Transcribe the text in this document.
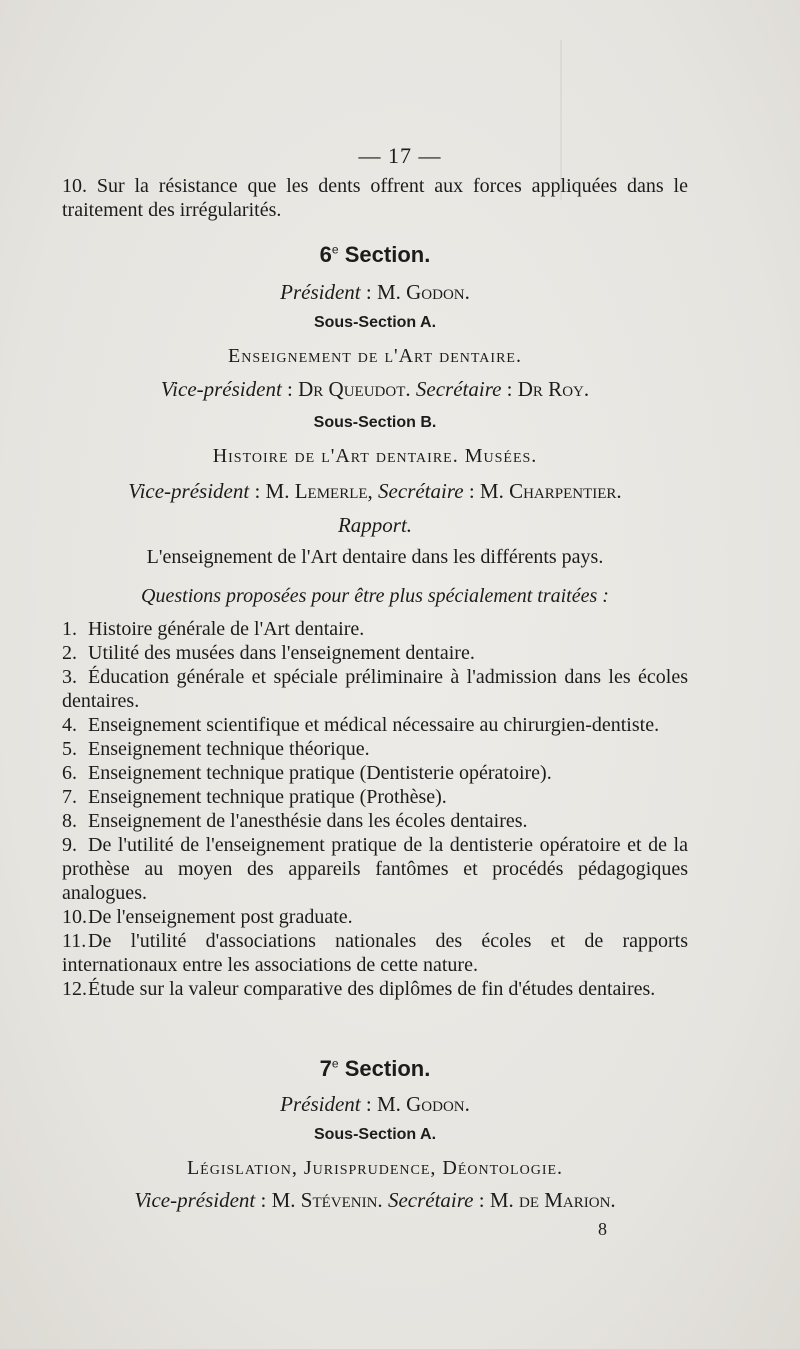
— 17 —

10. Sur la résistance que les dents offrent aux forces appliquées dans le traitement des irrégularités.

6e Section.
Président : M. Godon.
Sous-Section A.
Enseignement de l'Art dentaire.
Vice-président : Dr Queudot. Secrétaire : Dr Roy.
Sous-Section B.
Histoire de l'Art dentaire. Musées.
Vice-président : M. Lemerle, Secrétaire : M. Charpentier.
Rapport.
L'enseignement de l'Art dentaire dans les différents pays.
Questions proposées pour être plus spécialement traitées :

1. Histoire générale de l'Art dentaire.

2. Utilité des musées dans l'enseignement dentaire.

3. Éducation générale et spéciale préliminaire à l'admission dans les écoles dentaires.

4. Enseignement scientifique et médical nécessaire au chirurgien-dentiste.

5. Enseignement technique théorique.

6. Enseignement technique pratique (Dentisterie opératoire).

7. Enseignement technique pratique (Prothèse).

8. Enseignement de l'anesthésie dans les écoles dentaires.

9. De l'utilité de l'enseignement pratique de la dentisterie opératoire et de la prothèse au moyen des appareils fantômes et procédés pédagogiques analogues.

10.De l'enseignement post graduate.

11.De l'utilité d'associations nationales des écoles et de rapports internationaux entre les associations de cette nature.

12.Étude sur la valeur comparative des diplômes de fin d'études dentaires.

7e Section.
Président : M. Godon.
Sous-Section A.
Législation, Jurisprudence, Déontologie.
Vice-président : M. Stévenin. Secrétaire : M. de Marion.
8
